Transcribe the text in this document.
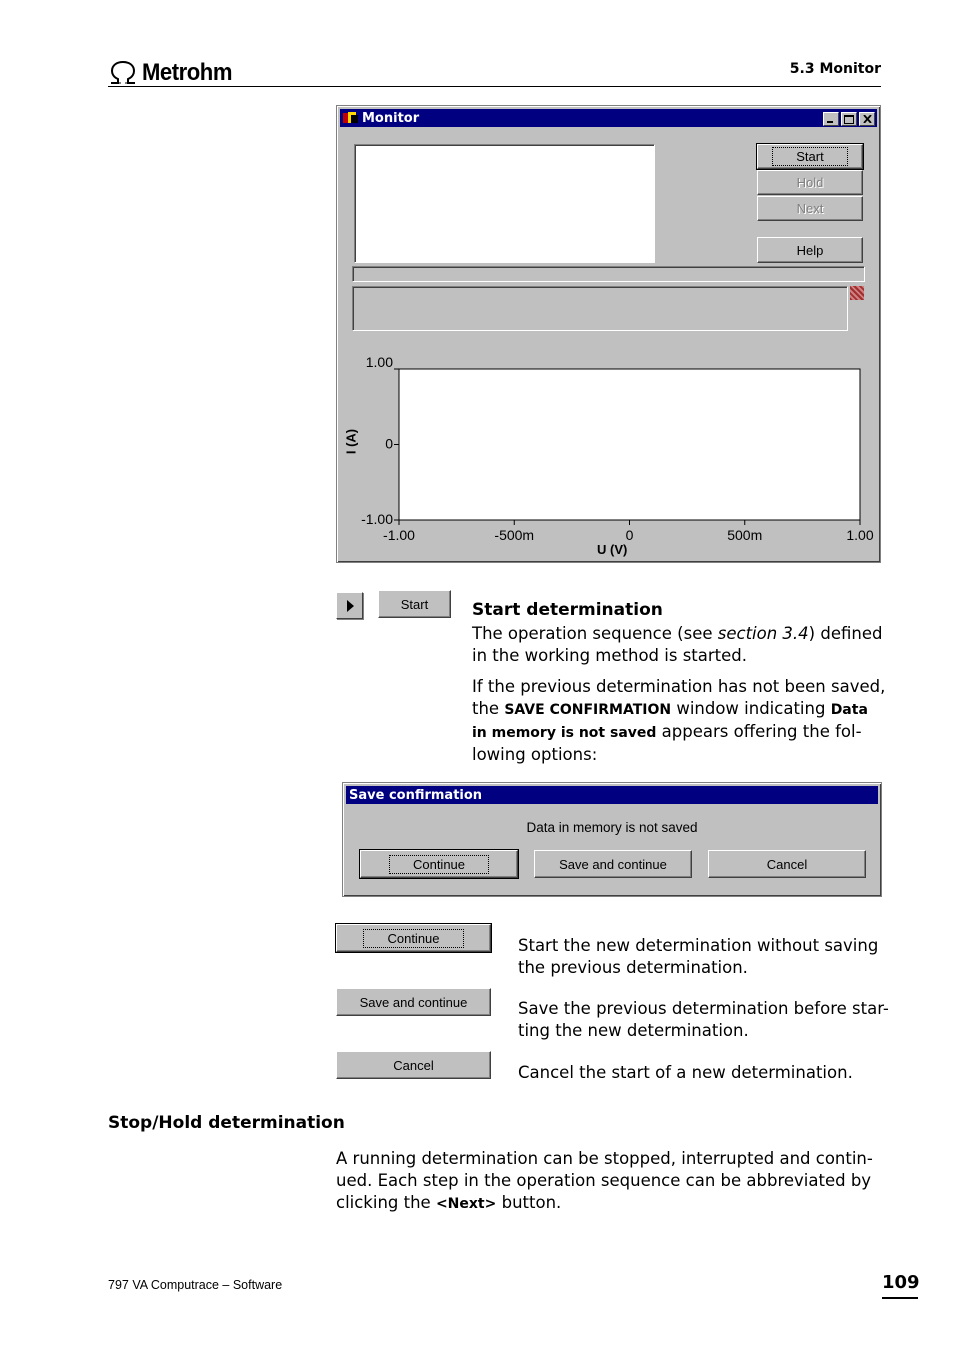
Metrohm	5.3 Monitor
Monitor
Start
Hold
Next
Help
-1.00	-500m	0	500m	1.00
1.00
0
-1.00
I (A)
U (V)
Start	Start determination
The operation sequence (see section 3.4) defined
in the working method is started.
If the previous determination has not been saved,
the SAVE CONFIRMATION window indicating Data
in memory is not saved appears offering the fol-
lowing options:
Save confirmation
Data in memory is not saved
Continue	Save and continue	Cancel
Continue	Start the new determination without saving
the previous determination.
Save and continue	Save the previous determination before star-
ting the new determination.
Cancel	Cancel the start of a new determination.
Stop/Hold determination
A running determination can be stopped, interrupted and contin-
ued. Each step in the operation sequence can be abbreviated by
clicking the <Next> button.
797 VA Computrace – Software	109
